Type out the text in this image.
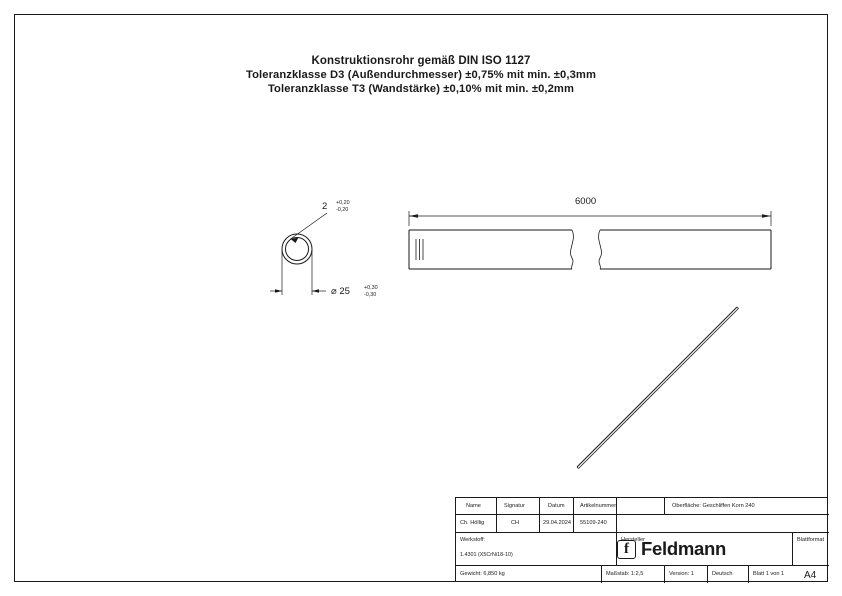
Konstruktionsrohr gemäß DIN ISO 1127
Toleranzklasse D3 (Außendurchmesser) ±0,75% mit min. ±0,3mm
Toleranzklasse T3 (Wandstärke) ±0,10% mit min. ±0,2mm
6000
2 +0,20
-0,20
⌀ 25	+0,30
-0,30
Name	Signatur	Datum	Artikelnummer	Oberfläche: Geschliffen Korn 240
Ch. Höllig	CH	29.04.2024 55109-240
Werkstoff:
1.4301 (X5CrNi18-10)
Hersteller	Blattformat
A4
Gewicht: 6,850 kg	Maßstab: 1:2,5	Version: 1	Deutsch	Blatt 1 von 1
f Feldmann
